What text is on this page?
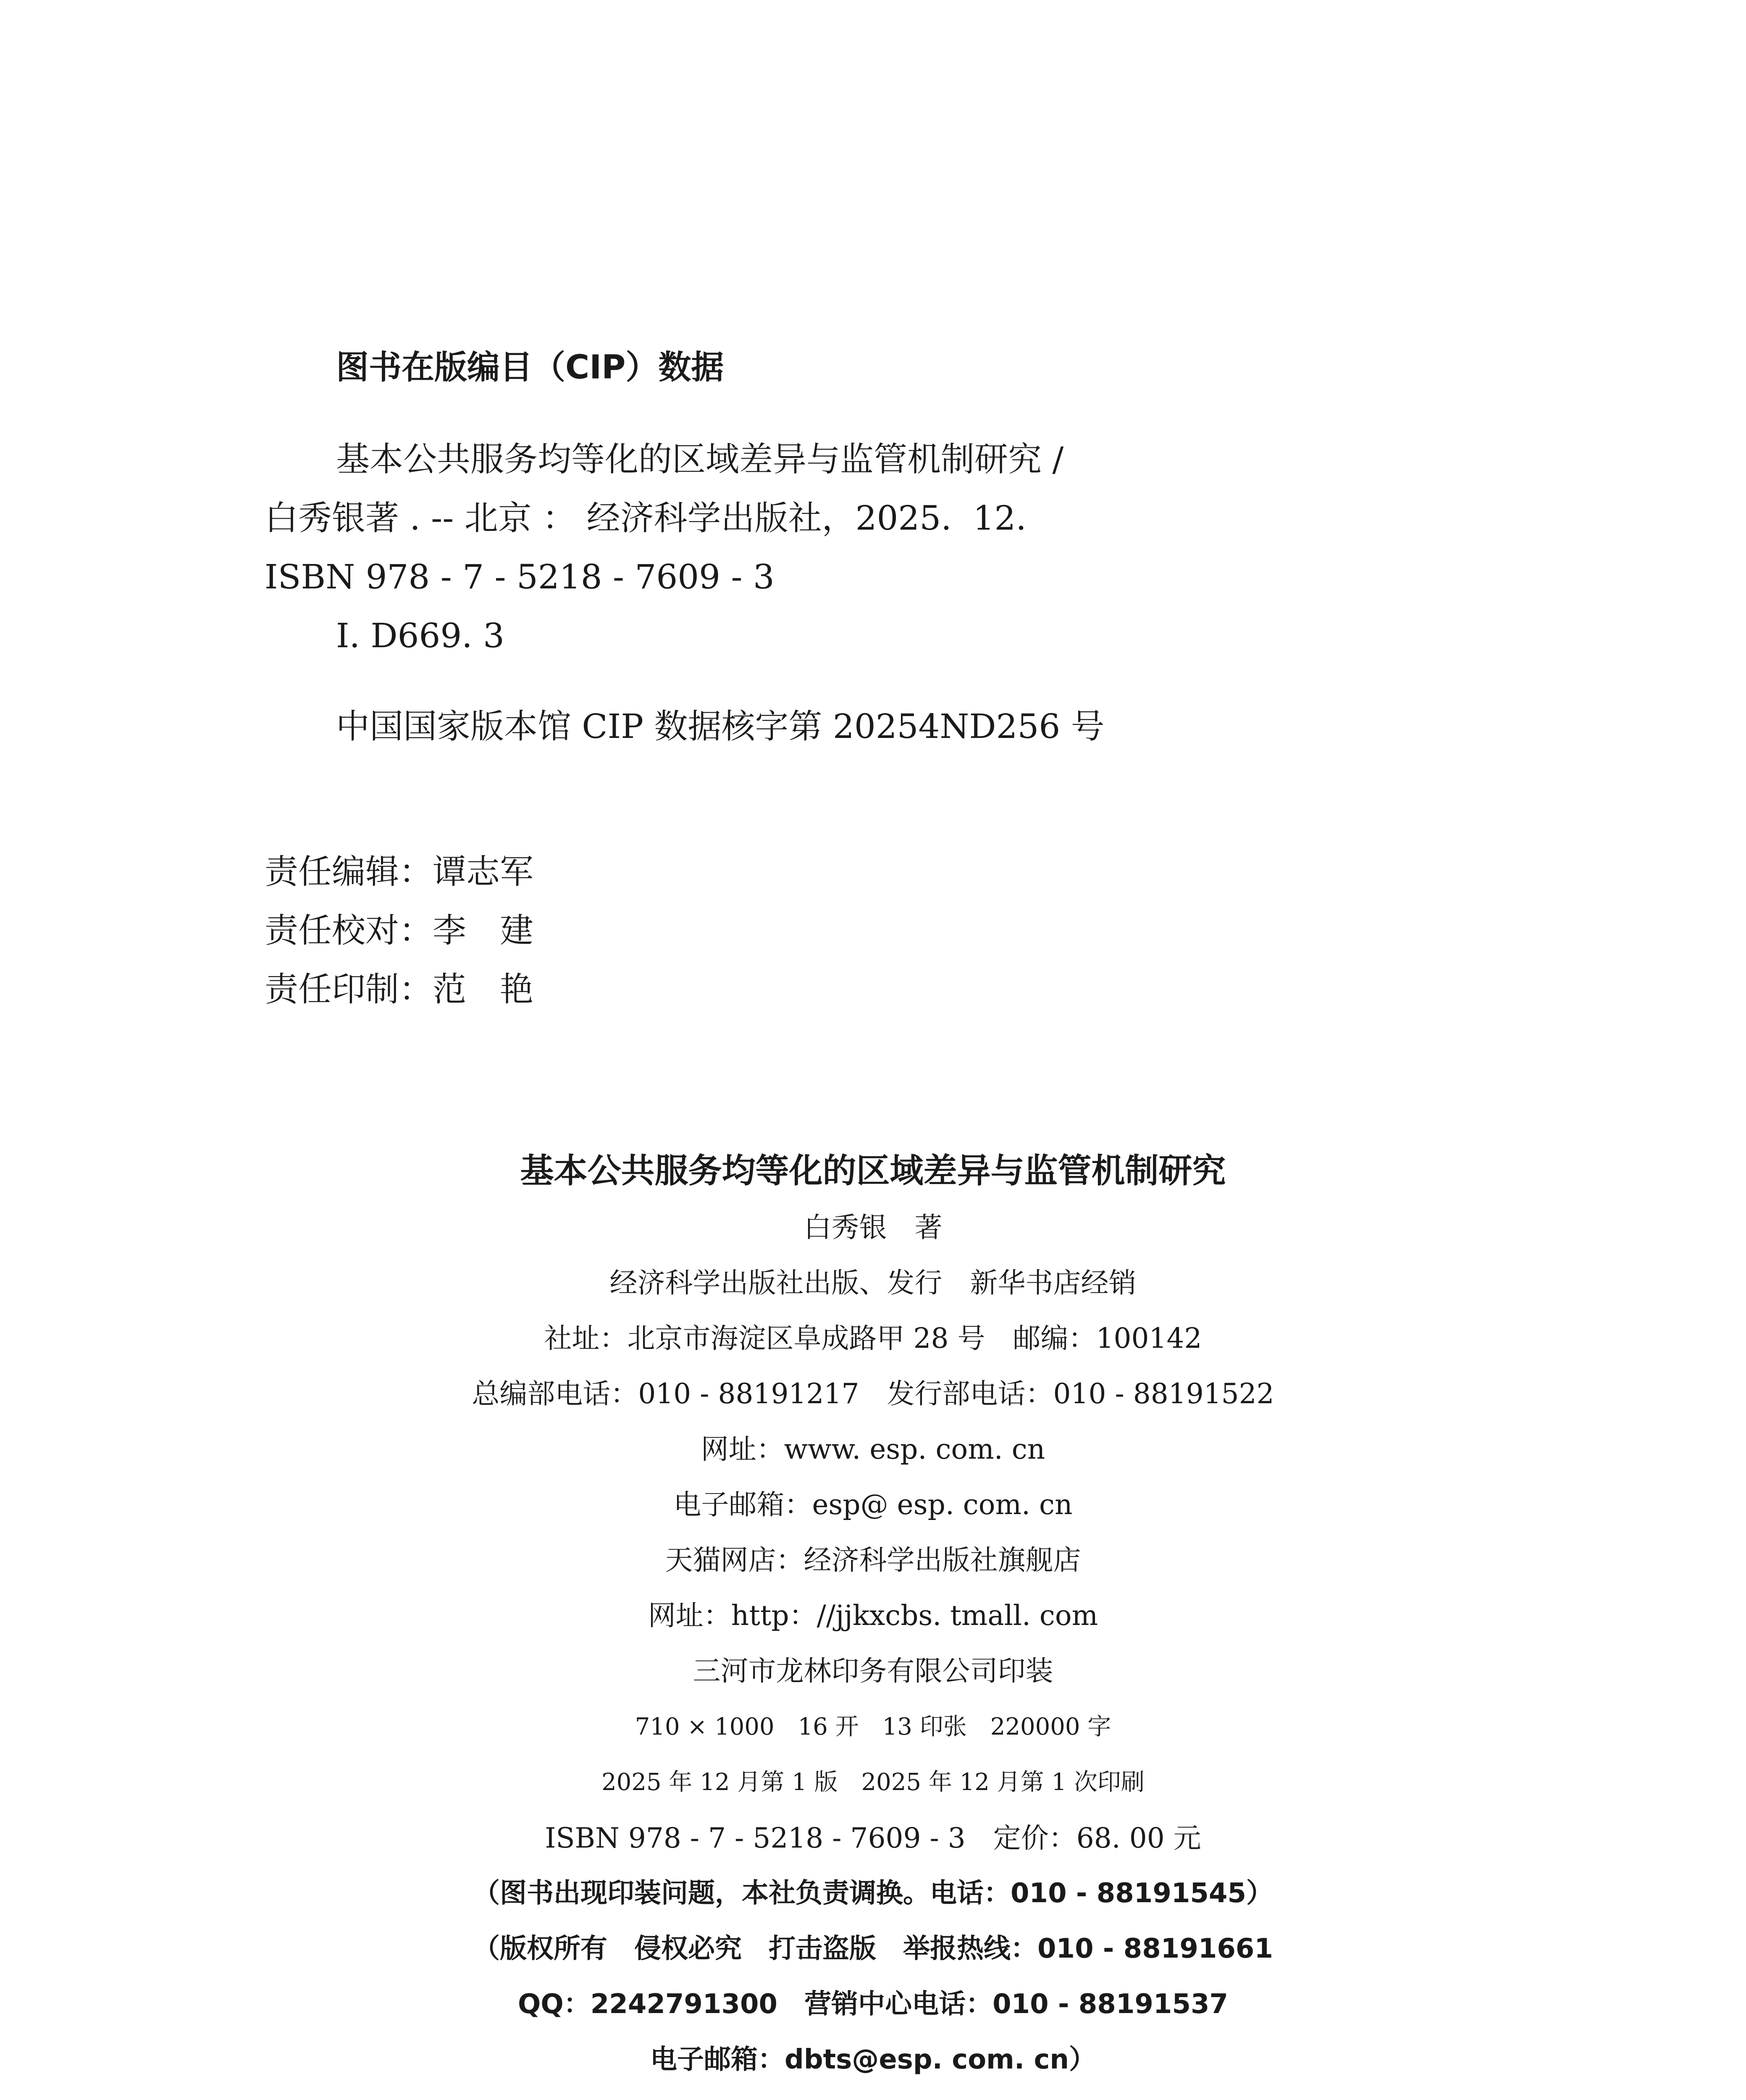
图书在版编目（CIP）数据
基本公共服务均等化的区域差异与监管机制研究 /
白秀银著 . -- 北京 ： 经济科学出版社，2025.  12.
ISBN 978 - 7 - 5218 - 7609 - 3
Ⅰ. D669. 3
中国国家版本馆 CIP 数据核字第 20254ND256 号
责任编辑：谭志军
责任校对：李　建
责任印制：范　艳
基本公共服务均等化的区域差异与监管机制研究
白秀银　著
经济科学出版社出版、发行　新华书店经销
社址：北京市海淀区阜成路甲 28 号　邮编：100142
总编部电话：010 - 88191217　发行部电话：010 - 88191522
网址：www. esp. com. cn
电子邮箱：esp@ esp. com. cn
天猫网店：经济科学出版社旗舰店
网址：http：//jjkxcbs. tmall. com
三河市龙林印务有限公司印装
710 × 1000　16 开　13 印张　220000 字
2025 年 12 月第 1 版　2025 年 12 月第 1 次印刷
ISBN 978 - 7 - 5218 - 7609 - 3　定价：68. 00 元
（图书出现印装问题，本社负责调换。电话：010 - 88191545）
（版权所有　侵权必究　打击盗版　举报热线：010 - 88191661
QQ：2242791300　营销中心电话：010 - 88191537
电子邮箱：dbts@esp. com. cn）
